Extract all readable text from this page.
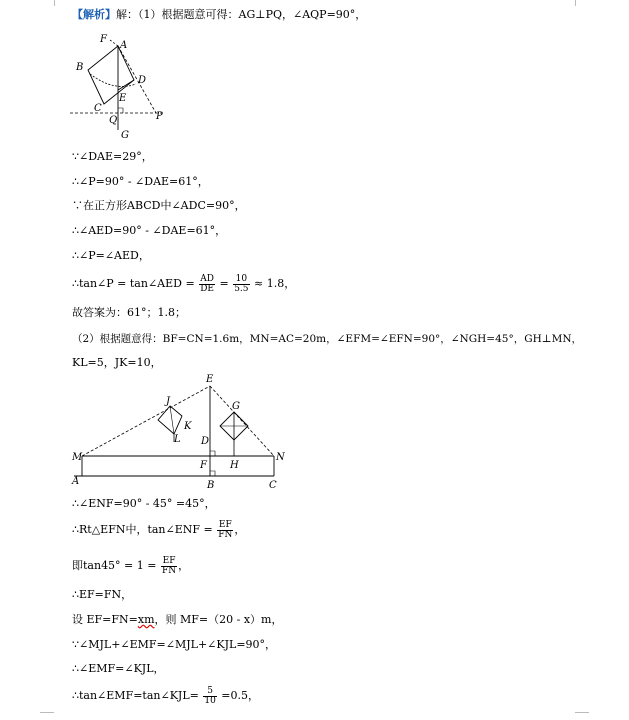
【解析】解：（1）根据题意可得：AG⊥PQ，∠AQP=90°，
F
A
B
D
E
C
Q	P
G
∵∠DAE=29°，
∴∠P=90° - ∠DAE=61°，
∵在正方形ABCD中∠ADC=90°，
∴∠AED=90° - ∠DAE=61°，
∴∠P=∠AED，
∴tan∠P = tan∠AED = $\frac{AD}{DE} = \frac{10}{5.5} \approx 1.8$，
故答案为：61°；1.8；
（2）根据题意得：BF=CN=1.6m，MN=AC=20m，∠EFM=∠EFN=90°，∠NGH=45°，GH⊥MN，
KL=5，JK=10，
E
J	G
K
L D
M	N
F H
A	B	C
∴∠ENF=90° - 45° =45°，
∴Rt△EFN中，tan∠ENF = $\frac{EF}{FN}$ ，
即$\tan 45^\circ = 1 = \frac{EF}{FN}$ ，
∴EF=FN，
设 EF=FN=xm，则 MF=（20 - x）m，
∵∠MJL+∠EMF=∠MJL+∠KJL=90°，
∴∠EMF=∠KJL，
∴tan∠EMF=tan∠KJL= $\frac{5}{10} =0.5$，
